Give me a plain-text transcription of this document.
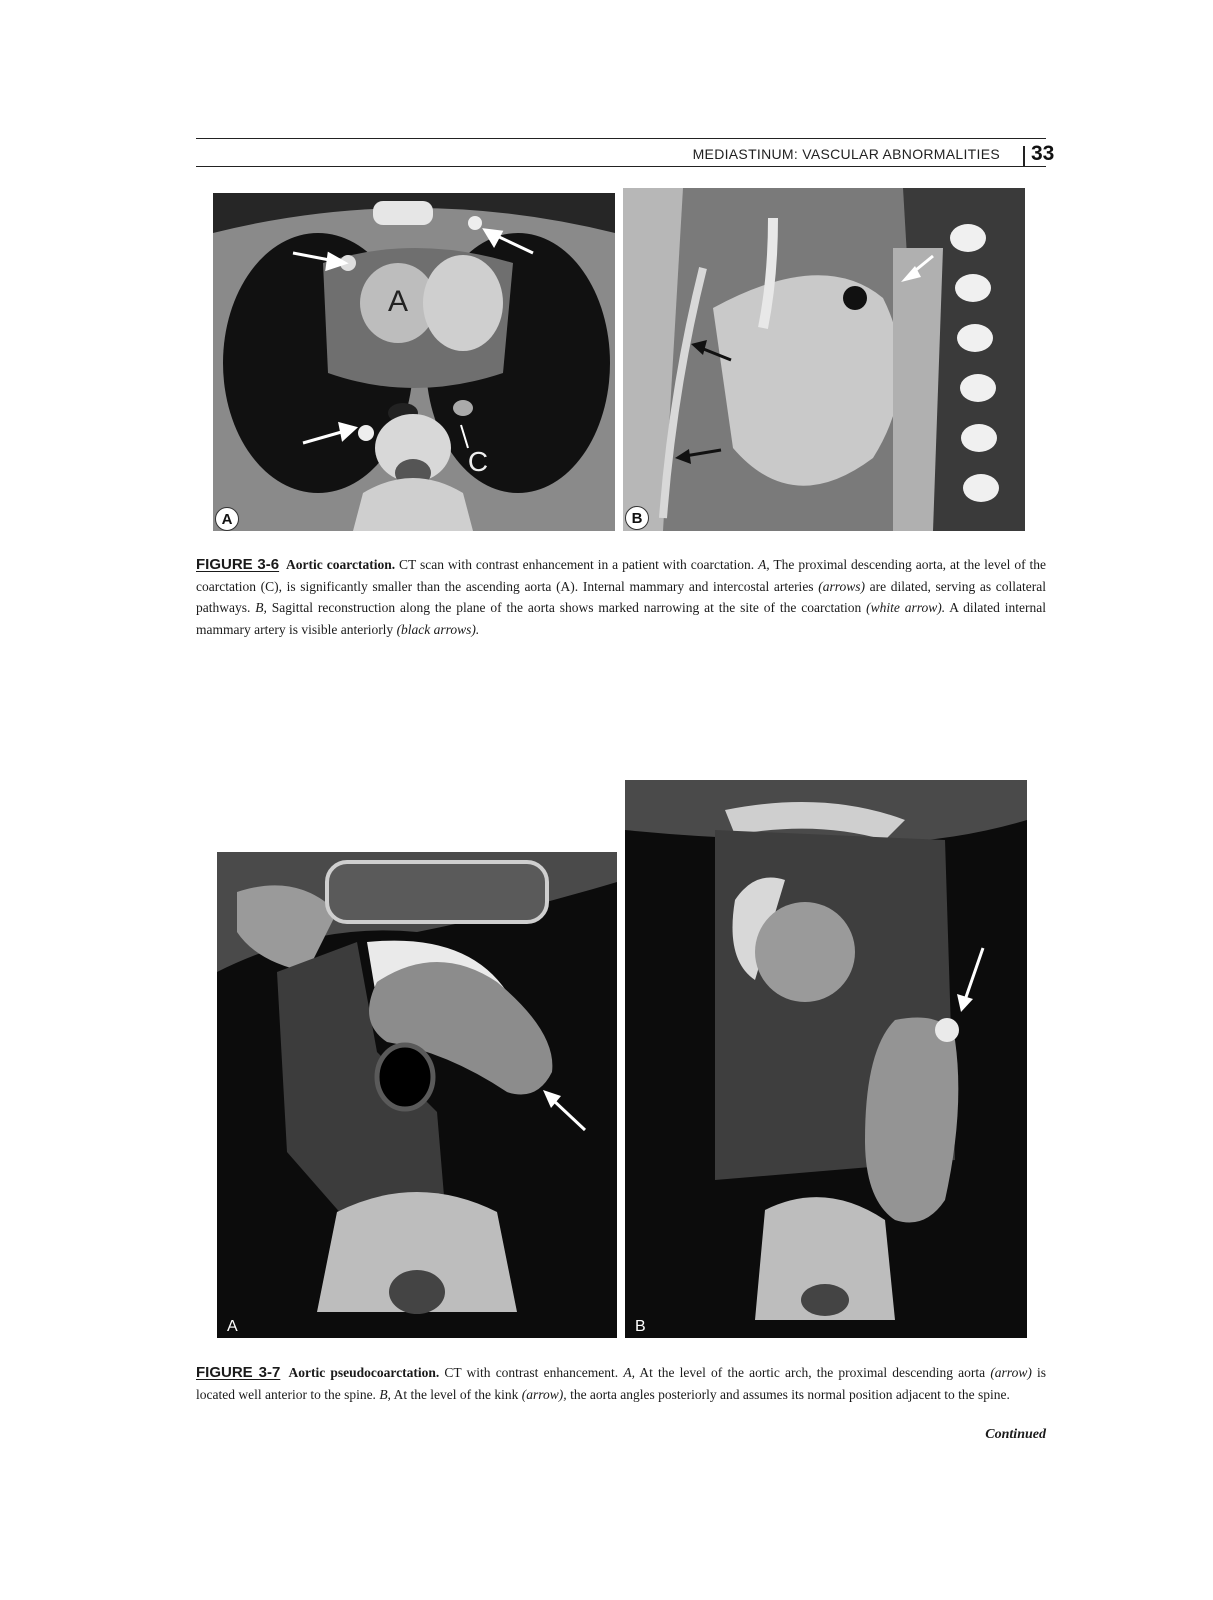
MEDIASTINUM: VASCULAR ABNORMALITIES 33
A
C
A	B
FIGURE 3-6 Aortic coarctation. CT scan with contrast enhancement in a patient with coarctation. A, The proximal descending aorta, at the level of the coarctation (C), is significantly smaller than the ascending aorta (A). Internal mammary and intercostal arteries (arrows) are dilated, serving as collateral pathways. B, Sagittal reconstruction along the plane of the aorta shows marked narrowing at the site of the coarctation (white arrow). A dilated internal mammary artery is visible anteriorly (black arrows).
A	B
FIGURE 3-7 Aortic pseudocoarctation. CT with contrast enhancement. A, At the level of the aortic arch, the proximal descending aorta (arrow) is located well anterior to the spine. B, At the level of the kink (arrow), the aorta angles posteriorly and assumes its normal position adjacent to the spine.
Continued
